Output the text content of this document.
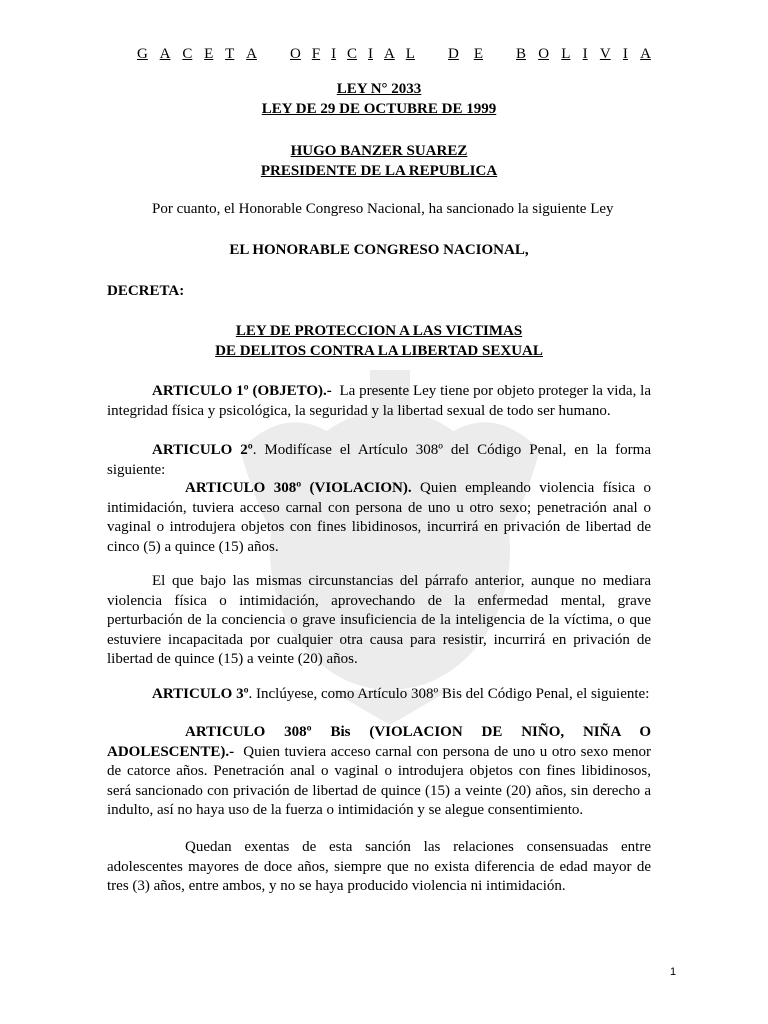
G A C E T A O F I C I A L D E B O L I V I A
LEY N° 2033
LEY DE 29 DE OCTUBRE DE 1999
HUGO BANZER SUAREZ
PRESIDENTE DE LA REPUBLICA
Por cuanto, el Honorable Congreso Nacional, ha sancionado la siguiente Ley
EL HONORABLE CONGRESO NACIONAL,
DECRETA:
LEY DE PROTECCION A LAS VICTIMAS
DE DELITOS CONTRA LA LIBERTAD SEXUAL
ARTICULO 1º (OBJETO).- La presente Ley tiene por objeto proteger la vida, la integridad física y psicológica, la seguridad y la libertad sexual de todo ser humano.
ARTICULO 2º. Modifícase el Artículo 308º del Código Penal, en la forma siguiente:
ARTICULO 308º (VIOLACION). Quien empleando violencia física o intimidación, tuviera acceso carnal con persona de uno u otro sexo; penetración anal o vaginal o introdujera objetos con fines libidinosos, incurrirá en privación de libertad de cinco (5) a quince (15) años.
El que bajo las mismas circunstancias del párrafo anterior, aunque no mediara violencia física o intimidación, aprovechando de la enfermedad mental, grave perturbación de la conciencia o grave insuficiencia de la inteligencia de la víctima, o que estuviere incapacitada por cualquier otra causa para resistir, incurrirá en privación de libertad de quince (15) a veinte (20) años.
ARTICULO 3º. Inclúyese, como Artículo 308º Bis del Código Penal, el siguiente:
ARTICULO 308º Bis (VIOLACION DE NIÑO, NIÑA O ADOLESCENTE).- Quien tuviera acceso carnal con persona de uno u otro sexo menor de catorce años. Penetración anal o vaginal o introdujera objetos con fines libidinosos, será sancionado con privación de libertad de quince (15) a veinte (20) años, sin derecho a indulto, así no haya uso de la fuerza o intimidación y se alegue consentimiento.
Quedan exentas de esta sanción las relaciones consensuadas entre adolescentes mayores de doce años, siempre que no exista diferencia de edad mayor de tres (3) años, entre ambos, y no se haya producido violencia ni intimidación.
1
